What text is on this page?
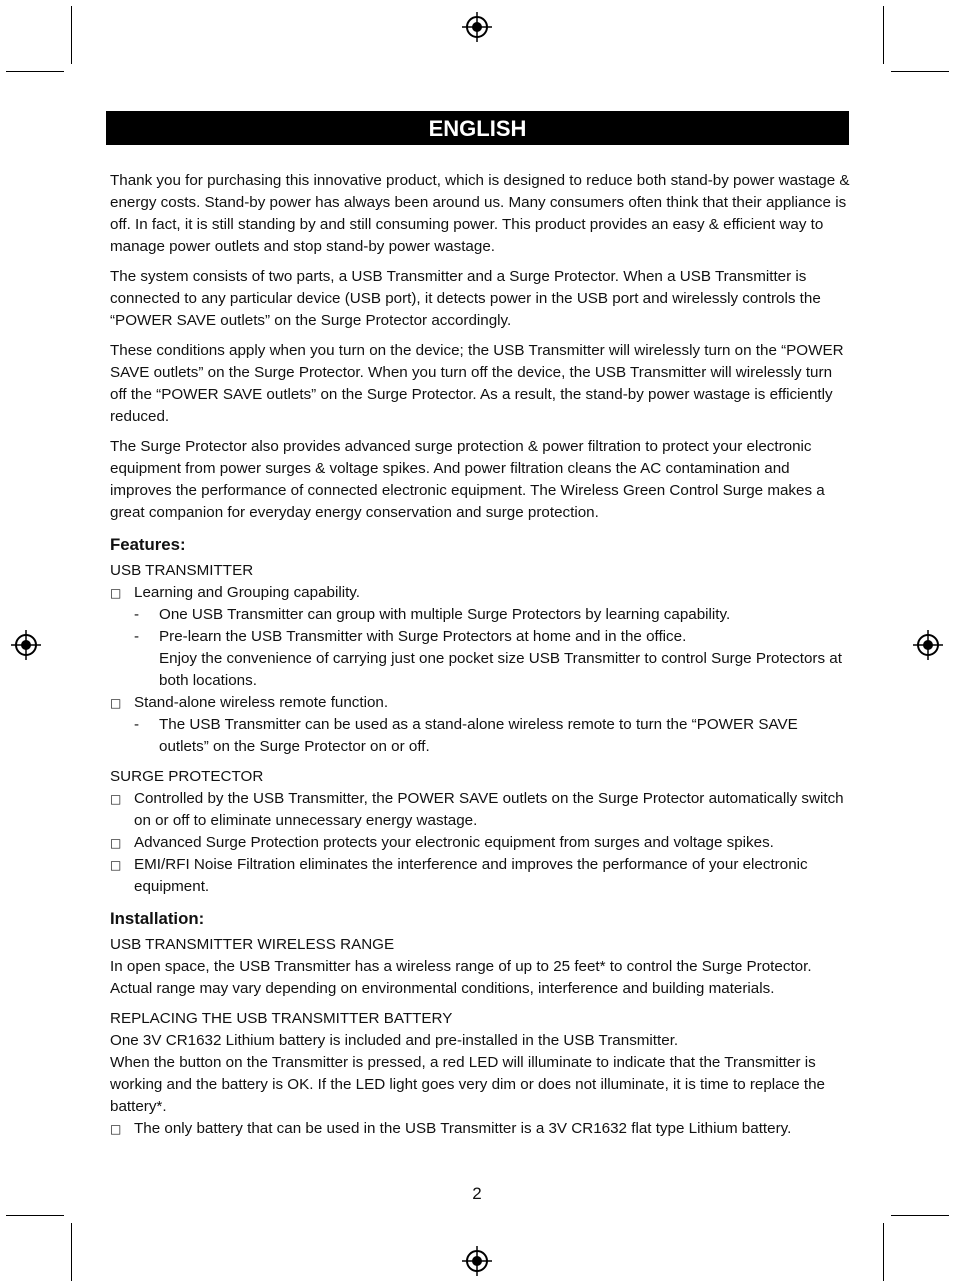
ENGLISH

Thank you for purchasing this innovative product, which is designed to reduce both stand-by power wastage & energy costs. Stand-by power has always been around us. Many consumers often think that their appliance is off. In fact, it is still standing by and still consuming power. This product provides an easy & efficient way to manage power outlets and stop stand-by power wastage.

The system consists of two parts, a USB Transmitter and a Surge Protector. When a USB Transmitter is connected to any particular device (USB port), it detects power in the USB port and wirelessly controls the “POWER SAVE outlets” on the Surge Protector accordingly.

These conditions apply when you turn on the device; the USB Transmitter will wirelessly turn on the “POWER SAVE outlets” on the Surge Protector. When you turn off the device, the USB Transmitter will wirelessly turn off the “POWER SAVE outlets” on the Surge Protector. As a result, the stand-by power wastage is efficiently reduced.

The Surge Protector also provides advanced surge protection & power filtration to protect your electronic equipment from power surges & voltage spikes. And power filtration cleans the AC contamination and improves the performance of connected electronic equipment. The Wireless Green Control Surge makes a great companion for everyday energy conservation and surge protection.

Features:
USB TRANSMITTER
□ Learning and Grouping capability.
- One USB Transmitter can group with multiple Surge Protectors by learning capability.
- Pre-learn the USB Transmitter with Surge Protectors at home and in the office.
Enjoy the convenience of carrying just one pocket size USB Transmitter to control Surge Protectors at both locations.
□ Stand-alone wireless remote function.
- The USB Transmitter can be used as a stand-alone wireless remote to turn the “POWER SAVE outlets” on the Surge Protector on or off.
SURGE PROTECTOR
□ Controlled by the USB Transmitter, the POWER SAVE outlets on the Surge Protector automatically switch on or off to eliminate unnecessary energy wastage.
□ Advanced Surge Protection protects your electronic equipment from surges and voltage spikes.
□ EMI/RFI Noise Filtration eliminates the interference and improves the performance of your electronic equipment.
Installation:
USB TRANSMITTER WIRELESS RANGE

In open space, the USB Transmitter has a wireless range of up to 25 feet* to control the Surge Protector. Actual range may vary depending on environmental conditions, interference and building materials.

REPLACING THE USB TRANSMITTER BATTERY
One 3V CR1632 Lithium battery is included and pre-installed in the USB Transmitter.
When the button on the Transmitter is pressed, a red LED will illuminate to indicate that the Transmitter is working and the battery is OK. If the LED light goes very dim or does not illuminate, it is time to replace the battery*.
□ The only battery that can be used in the USB Transmitter is a 3V CR1632 flat type Lithium battery.
2
